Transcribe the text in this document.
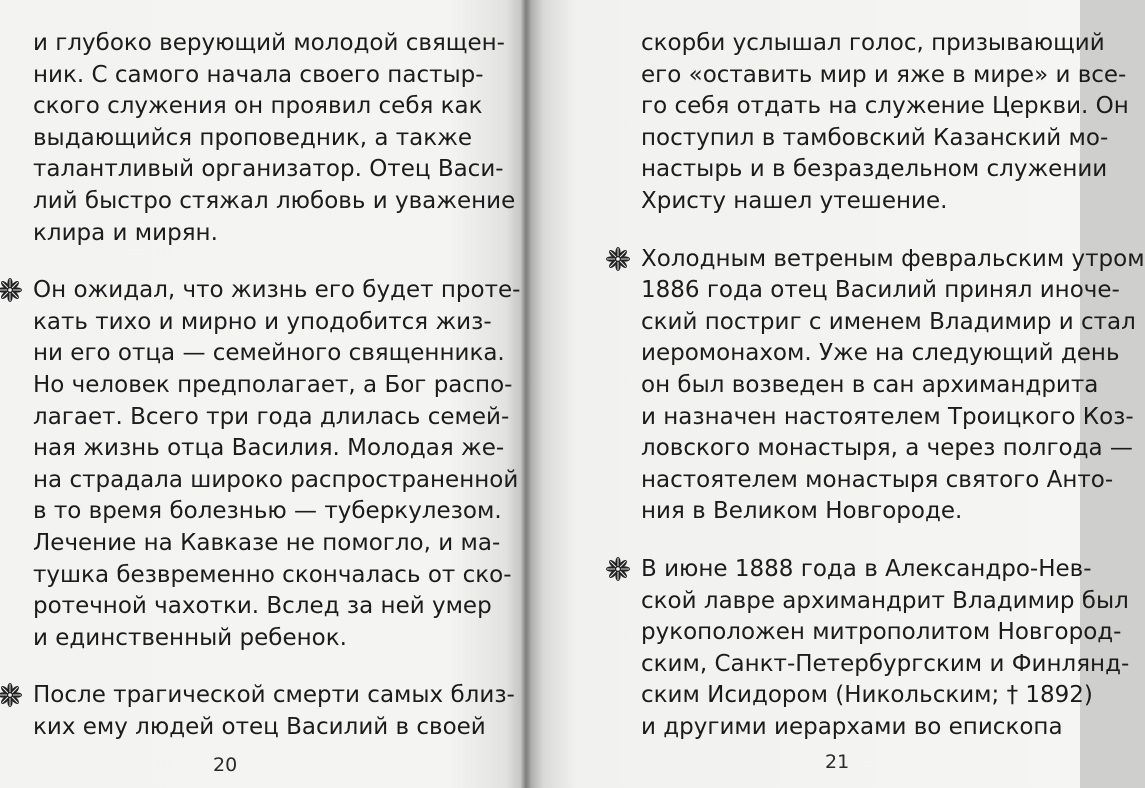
и глубоко верующий молодой священ-
ник. С самого начала своего пастыр-
ского служения он проявил себя как
выдающийся проповедник, а также
талантливый организатор. Отец Васи-
лий быстро стяжал любовь и уважение
клира и мирян.
Он ожидал, что жизнь его будет проте-
кать тихо и мирно и уподобится жиз-
ни его отца — семейного священника.
Но человек предполагает, а Бог распо-
лагает. Всего три года длилась семей-
ная жизнь отца Василия. Молодая же-
на страдала широко распространенной
в то время болезнью — туберкулезом.
Лечение на Кавказе не помогло, и ма-
тушка безвременно скончалась от ско-
ротечной чахотки. Вслед за ней умер
и единственный ребенок.
После трагической смерти самых близ-
ких ему людей отец Василий в своей
20
скорби услышал голос, призывающий
его «оставить мир и яже в мире» и все-
го себя отдать на служение Церкви. Он
поступил в тамбовский Казанский мо-
настырь и в безраздельном служении
Христу нашел утешение.
Холодным ветреным февральским утром
1886 года отец Василий принял иноче-
ский постриг с именем Владимир и стал
иеромонахом. Уже на следующий день
он был возведен в сан архимандрита
и назначен настоятелем Троицкого Коз-
ловского монастыря, а через полгода —
настоятелем монастыря святого Анто-
ния в Великом Новгороде.
В июне 1888 года в Александро-Нев-
ской лавре архимандрит Владимир был
рукоположен митрополитом Новгород-
ским, Санкт-Петербургским и Финлянд-
ским Исидором (Никольским; † 1892)
и другими иерархами во епископа
21
